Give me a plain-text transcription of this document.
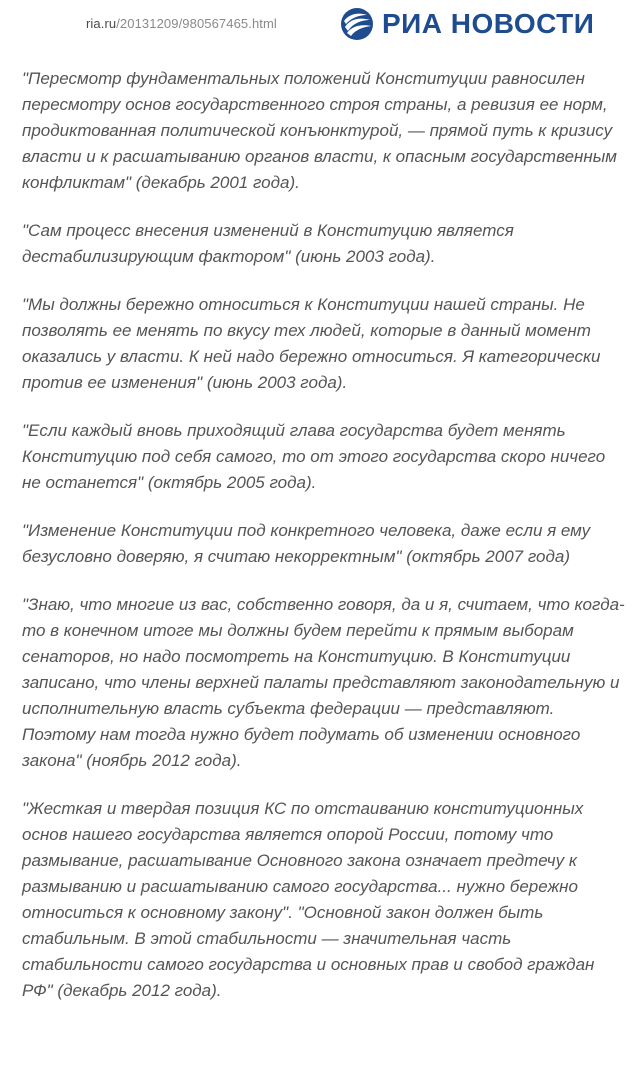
ria.ru/20131209/980567465.html	РИА НОВОСТИ

"Пересмотр фундаментальных положений Конституции равносилен пересмотру основ государственного строя страны, а ревизия ее норм, продиктованная политической конъюнктурой, — прямой путь к кризису власти и к расшатыванию органов власти, к опасным государственным конфликтам" (декабрь 2001 года).

"Сам процесс внесения изменений в Конституцию является дестабилизирующим фактором" (июнь 2003 года).

"Мы должны бережно относиться к Конституции нашей страны. Не позволять ее менять по вкусу тех людей, которые в данный момент оказались у власти. К ней надо бережно относиться. Я категорически против ее изменения" (июнь 2003 года).

"Если каждый вновь приходящий глава государства будет менять Конституцию под себя самого, то от этого государства скоро ничего не останется" (октябрь 2005 года).

"Изменение Конституции под конкретного человека, даже если я ему безусловно доверяю, я считаю некорректным" (октябрь 2007 года)

"Знаю, что многие из вас, собственно говоря, да и я, считаем, что когда-то в конечном итоге мы должны будем перейти к прямым выборам сенаторов, но надо посмотреть на Конституцию. В Конституции записано, что члены верхней палаты представляют законодательную и исполнительную власть субъекта федерации — представляют. Поэтому нам тогда нужно будет подумать об изменении основного закона" (ноябрь 2012 года).

"Жесткая и твердая позиция КС по отстаиванию конституционных основ нашего государства является опорой России, потому что размывание, расшатывание Основного закона означает предтечу к размыванию и расшатыванию самого государства... нужно бережно относиться к основному закону". "Основной закон должен быть стабильным. В этой стабильности — значительная часть стабильности самого государства и основных прав и свобод граждан РФ" (декабрь 2012 года).
